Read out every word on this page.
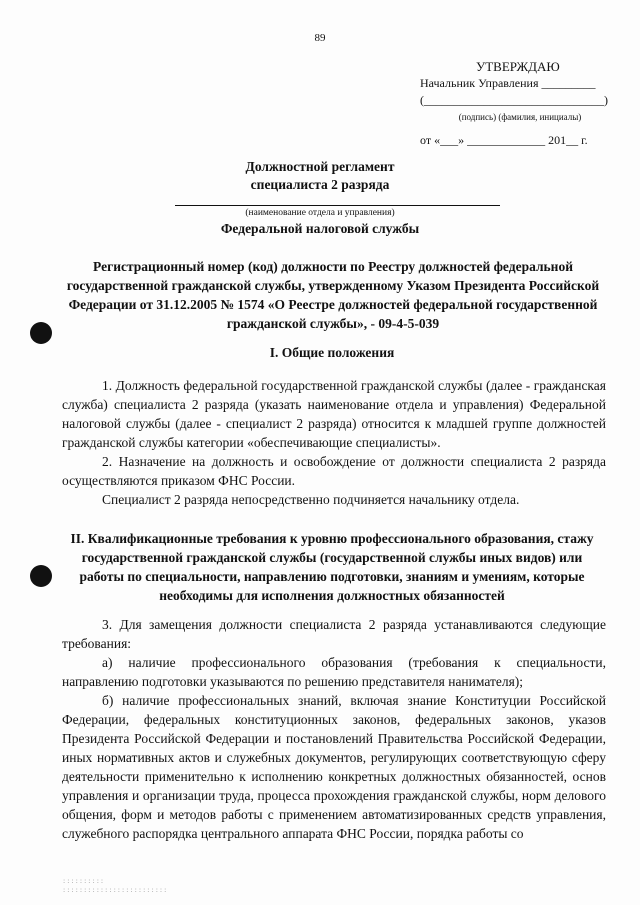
89
УТВЕРЖДАЮ
Начальник Управления _________
(______________________________)
(подпись) (фамилия, инициалы)
от «___» _____________ 201__ г.
Должностной регламент
специалиста 2 разряда
(наименование отдела и управления)
Федеральной налоговой службы
Регистрационный номер (код) должности по Реестру должностей федеральной государственной гражданской службы, утвержденному Указом Президента Российской Федерации от 31.12.2005 № 1574 «О Реестре должностей федеральной государственной гражданской службы», - 09-4-5-039
I. Общие положения

1. Должность федеральной государственной гражданской службы (далее - гражданская служба) специалиста 2 разряда (указать наименование отдела и управления) Федеральной налоговой службы (далее - специалист 2 разряда) относится к младшей группе должностей гражданской службы категории «обеспечивающие специалисты».

2. Назначение на должность и освобождение от должности специалиста 2 разряда осуществляются приказом ФНС России.

Специалист 2 разряда непосредственно подчиняется начальнику отдела.

II. Квалификационные требования к уровню профессионального образования, стажу государственной гражданской службы (государственной службы иных видов) или работы по специальности, направлению подготовки, знаниям и умениям, которые необходимы для исполнения должностных обязанностей

3. Для замещения должности специалиста 2 разряда устанавливаются следующие требования:

а) наличие профессионального образования (требования к специальности, направлению подготовки указываются по решению представителя нанимателя);

б) наличие профессиональных знаний, включая знание Конституции Российской Федерации, федеральных конституционных законов, федеральных законов, указов Президента Российской Федерации и постановлений Правительства Российской Федерации, иных нормативных актов и служебных документов, регулирующих соответствующую сферу деятельности применительно к исполнению конкретных должностных обязанностей, основ управления и организации труда, процесса прохождения гражданской службы, норм делового общения, форм и методов работы с применением автоматизированных средств управления, служебного распорядка центрального аппарата ФНС России, порядка работы со

::::::::::
:::::::::::::::::::::::::
